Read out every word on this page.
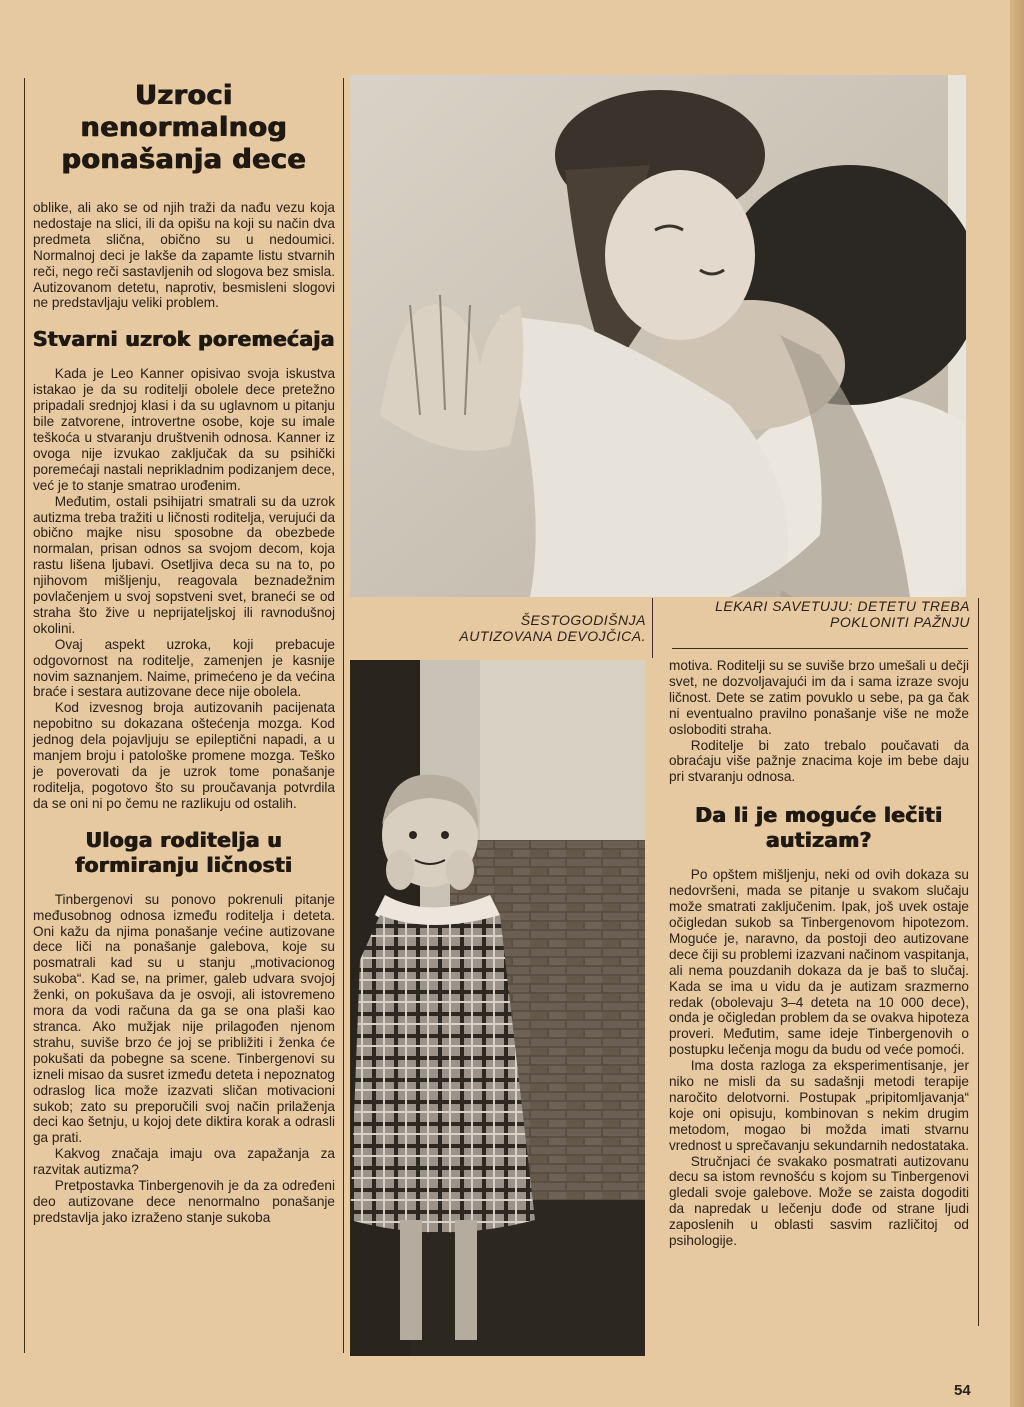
Uzroci nenormalnog ponašanja dece

oblike, ali ako se od njih traži da nađu vezu koja nedostaje na slici, ili da opišu na koji su način dva predmeta slična, obično su u nedoumici. Normalnoj deci je lakše da zapamte listu stvarnih reči, nego reči sastavljenih od slogova bez smisla. Autizovanom detetu, naprotiv, besmisleni slogovi ne predstavljaju veliki problem.

Stvarni uzrok poremećaja

Kada je Leo Kanner opisivao svoja iskustva istakao je da su roditelji obolele dece pretežno pripadali srednjoj klasi i da su uglavnom u pitanju bile zatvorene, introvertne osobe, koje su imale teškoća u stvaranju društvenih odnosa. Kanner iz ovoga nije izvukao zaključak da su psihički poremećaji nastali neprikladnim podizanjem dece, već je to stanje smatrao urođenim.

Međutim, ostali psihijatri smatrali su da uzrok autizma treba tražiti u ličnosti roditelja, verujući da obično majke nisu sposobne da obezbede normalan, prisan odnos sa svojom decom, koja rastu lišena ljubavi. Osetljiva deca su na to, po njihovom mišljenju, reagovala beznadežnim povlačenjem u svoj sopstveni svet, braneći se od straha što žive u neprijateljskoj ili ravnodušnoj okolini.

Ovaj aspekt uzroka, koji prebacuje odgovornost na roditelje, zamenjen je kasnije novim saznanjem. Naime, primećeno je da većina braće i sestara autizovane dece nije obolela.

Kod izvesnog broja autizovanih pacijenata nepobitno su dokazana oštećenja mozga. Kod jednog dela pojavljuju se epileptični napadi, a u manjem broju i patološke promene mozga. Teško je poverovati da je uzrok tome ponašanje roditelja, pogotovo što su proučavanja potvrdila da se oni ni po čemu ne razlikuju od ostalih.

Uloga roditelja u formiranju ličnosti

Tinbergenovi su ponovo pokrenuli pitanje međusobnog odnosa između roditelja i deteta. Oni kažu da njima ponašanje većine autizovane dece liči na ponašanje galebova, koje su posmatrali kad su u stanju „motivacionog sukoba“. Kad se, na primer, galeb udvara svojoj ženki, on pokušava da je osvoji, ali istovremeno mora da vodi računa da ga se ona plaši kao stranca. Ako mužjak nije prilagođen njenom strahu, suviše brzo će joj se približiti i ženka će pokušati da pobegne sa scene. Tinbergenovi su izneli misao da susret između deteta i nepoznatog odraslog lica može izazvati sličan motivacioni sukob; zato su preporučili svoj način prilaženja deci kao šetnju, u kojoj dete diktira korak a odrasli ga prati.

Kakvog značaja imaju ova zapažanja za razvitak autizma?

Pretpostavka Tinbergenovih je da za određeni deo autizovane dece nenormalno ponašanje predstavlja jako izraženo stanje sukoba

ŠESTOGODIŠNJA AUTIZOVANA DEVOJČICA.
LEKARI SAVETUJU: DETETU TREBA POKLONITI PAŽNJU

motiva. Roditelji su se suviše brzo umešali u dečji svet, ne dozvoljavajući im da i sama izraze svoju ličnost. Dete se zatim povuklo u sebe, pa ga čak ni eventualno pravilno ponašanje više ne može osloboditi straha.

Roditelje bi zato trebalo poučavati da obraćaju više pažnje znacima koje im bebe daju pri stvaranju odnosa.

Da li je moguće lečiti autizam?

Po opštem mišljenju, neki od ovih dokaza su nedovršeni, mada se pitanje u svakom slučaju može smatrati zaključenim. Ipak, još uvek ostaje očigledan sukob sa Tinbergenovom hipotezom. Moguće je, naravno, da postoji deo autizovane dece čiji su problemi izazvani načinom vaspitanja, ali nema pouzdanih dokaza da je baš to slučaj. Kada se ima u vidu da je autizam srazmerno redak (obolevaju 3–4 deteta na 10 000 dece), onda je očigledan problem da se ovakva hipoteza proveri. Međutim, same ideje Tinbergenovih o postupku lečenja mogu da budu od veće pomoći.

Ima dosta razloga za eksperimentisanje, jer niko ne misli da su sadašnji metodi terapije naročito delotvorni. Postupak „pripitomljavanja“ koje oni opisuju, kombinovan s nekim drugim metodom, mogao bi možda imati stvarnu vrednost u sprečavanju sekundarnih nedostataka.

Stručnjaci će svakako posmatrati autizovanu decu sa istom revnošću s kojom su Tinbergenovi gledali svoje galebove. Može se zaista dogoditi da napredak u lečenju dođe od strane ljudi zaposlenih u oblasti sasvim različitoj od psihologije.

54
